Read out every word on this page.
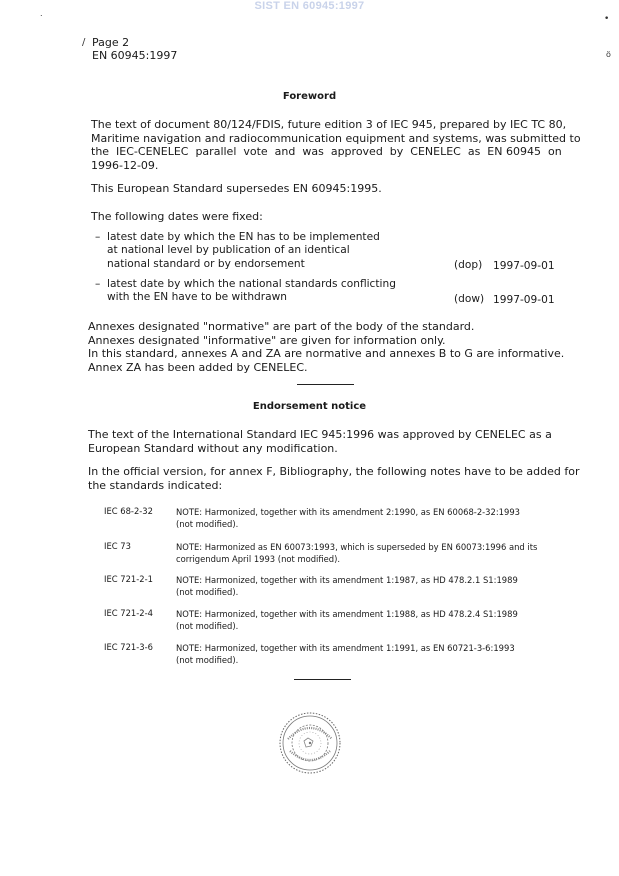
SIST EN 60945:1997
.
•
ö
/ Page 2
EN 60945:1997
Foreword
The text of document 80/124/FDIS, future edition 3 of IEC 945, prepared by IEC TC 80,
Maritime navigation and radiocommunication equipment and systems, was submitted to
the  IEC-CENELEC  parallel  vote  and  was  approved  by  CENELEC  as  EN 60945  on
1996-12-09.
This European Standard supersedes EN 60945:1995.
The following dates were fixed:
– latest date by which the EN has to be implemented
at national level by publication of an identical
national standard or by endorsement	(dop) 1997-09-01
– latest date by which the national standards conflicting
with the EN have to be withdrawn	(dow) 1997-09-01
Annexes designated "normative" are part of the body of the standard.
Annexes designated "informative" are given for information only.
In this standard, annexes A and ZA are normative and annexes B to G are informative.
Annex ZA has been added by CENELEC.
Endorsement notice
The text of the International Standard IEC 945:1996 was approved by CENELEC as a
European Standard without any modification.
In the official version, for annex F, Bibliography, the following notes have to be added for
the standards indicated:
IEC 68-2-32	NOTE: Harmonized, together with its amendment 2:1990, as EN 60068-2-32:1993
(not modified).
IEC 73	NOTE: Harmonized as EN 60073:1993, which is superseded by EN 60073:1996 and its
corrigendum April 1993 (not modified).
IEC 721-2-1	NOTE: Harmonized, together with its amendment 1:1987, as HD 478.2.1 S1:1989
(not modified).
IEC 721-2-4	NOTE: Harmonized, together with its amendment 1:1988, as HD 478.2.4 S1:1989
(not modified).
IEC 721-3-6	NOTE: Harmonized, together with its amendment 1:1991, as EN 60721-3-6:1993
(not modified).
